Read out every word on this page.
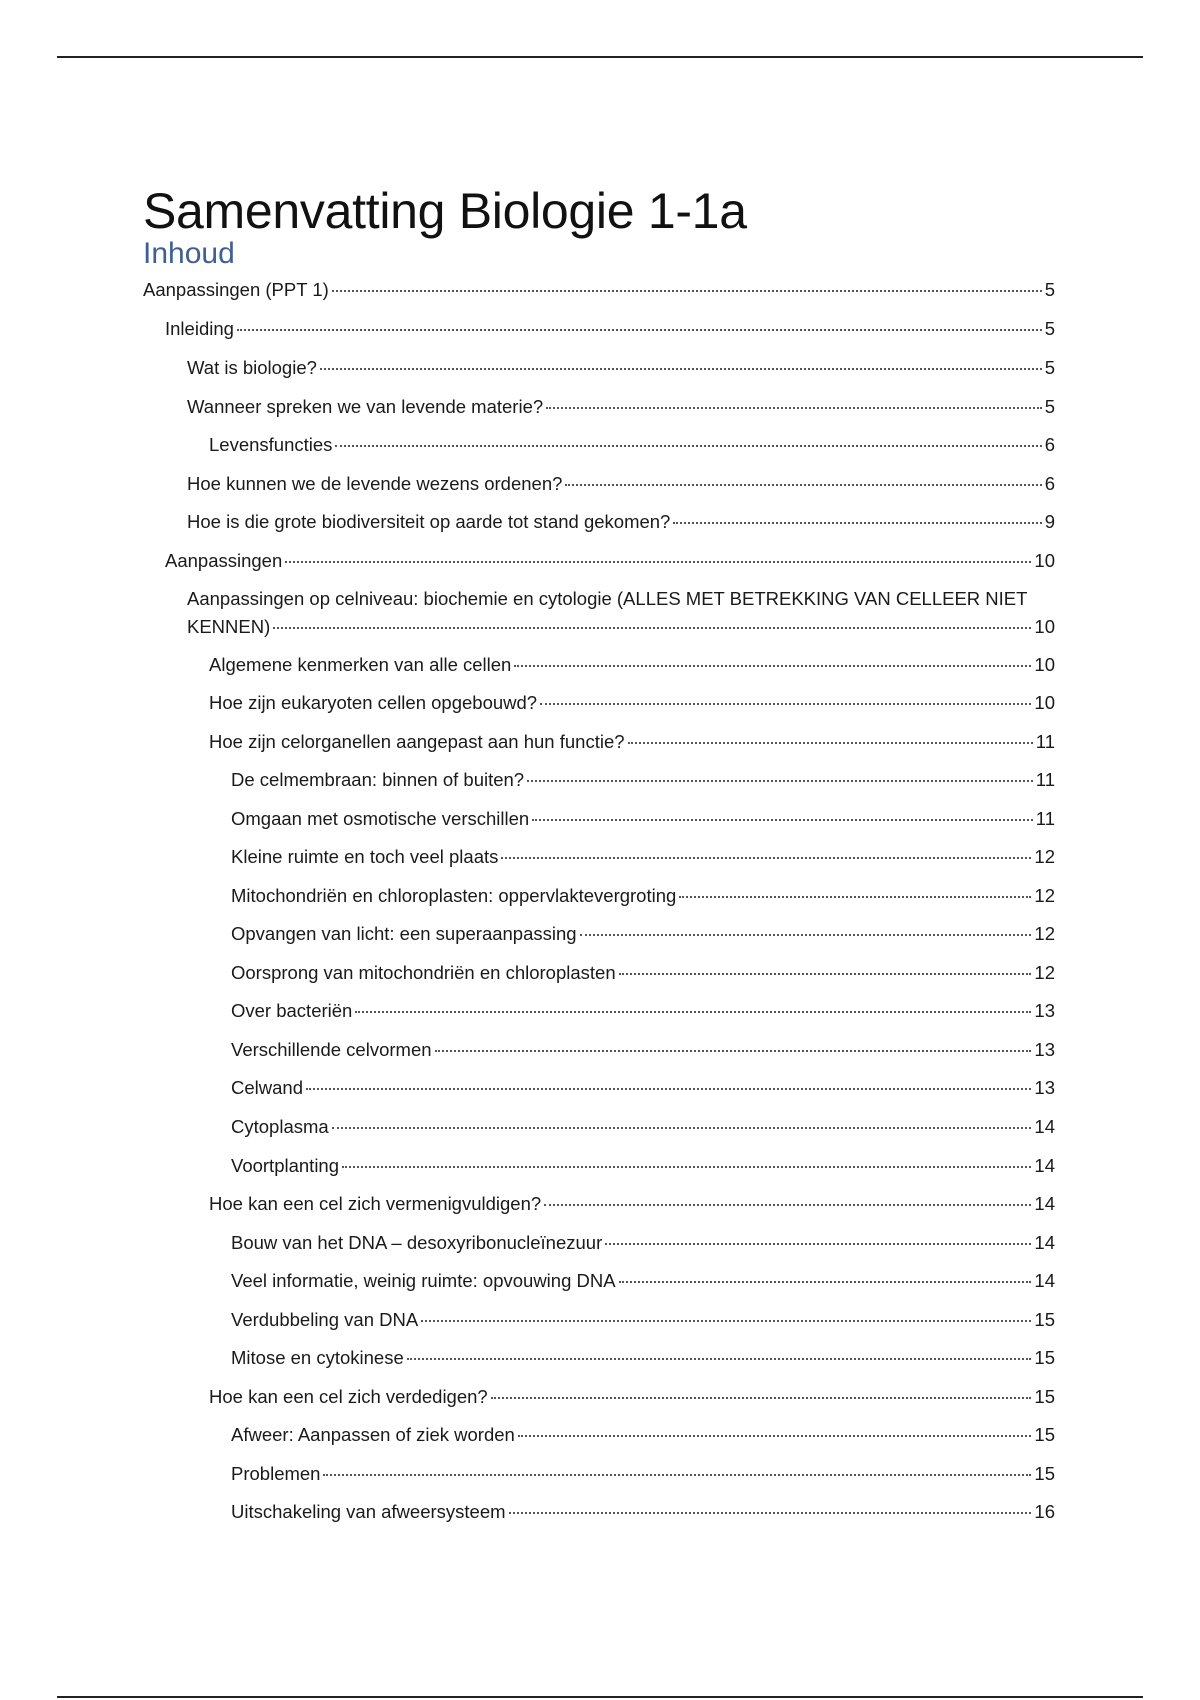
Samenvatting Biologie 1-1a
Inhoud
Aanpassingen (PPT 1)	5
Inleiding	5
Wat is biologie?	5
Wanneer spreken we van levende materie?	5
Levensfuncties	6
Hoe kunnen we de levende wezens ordenen?	6
Hoe is die grote biodiversiteit op aarde tot stand gekomen?	9
Aanpassingen	10
Aanpassingen op celniveau: biochemie en cytologie (ALLES MET BETREKKING VAN CELLEER NIET
KENNEN)	10
Algemene kenmerken van alle cellen	10
Hoe zijn eukaryoten cellen opgebouwd?	10
Hoe zijn celorganellen aangepast aan hun functie?	11
De celmembraan: binnen of buiten?	11
Omgaan met osmotische verschillen	11
Kleine ruimte en toch veel plaats	12
Mitochondriën en chloroplasten: oppervlaktevergroting	12
Opvangen van licht: een superaanpassing	12
Oorsprong van mitochondriën en chloroplasten	12
Over bacteriën	13
Verschillende celvormen	13
Celwand	13
Cytoplasma	14
Voortplanting	14
Hoe kan een cel zich vermenigvuldigen?	14
Bouw van het DNA – desoxyribonucleïnezuur	14
Veel informatie, weinig ruimte: opvouwing DNA	14
Verdubbeling van DNA	15
Mitose en cytokinese	15
Hoe kan een cel zich verdedigen?	15
Afweer: Aanpassen of ziek worden	15
Problemen	15
Uitschakeling van afweersysteem	16
